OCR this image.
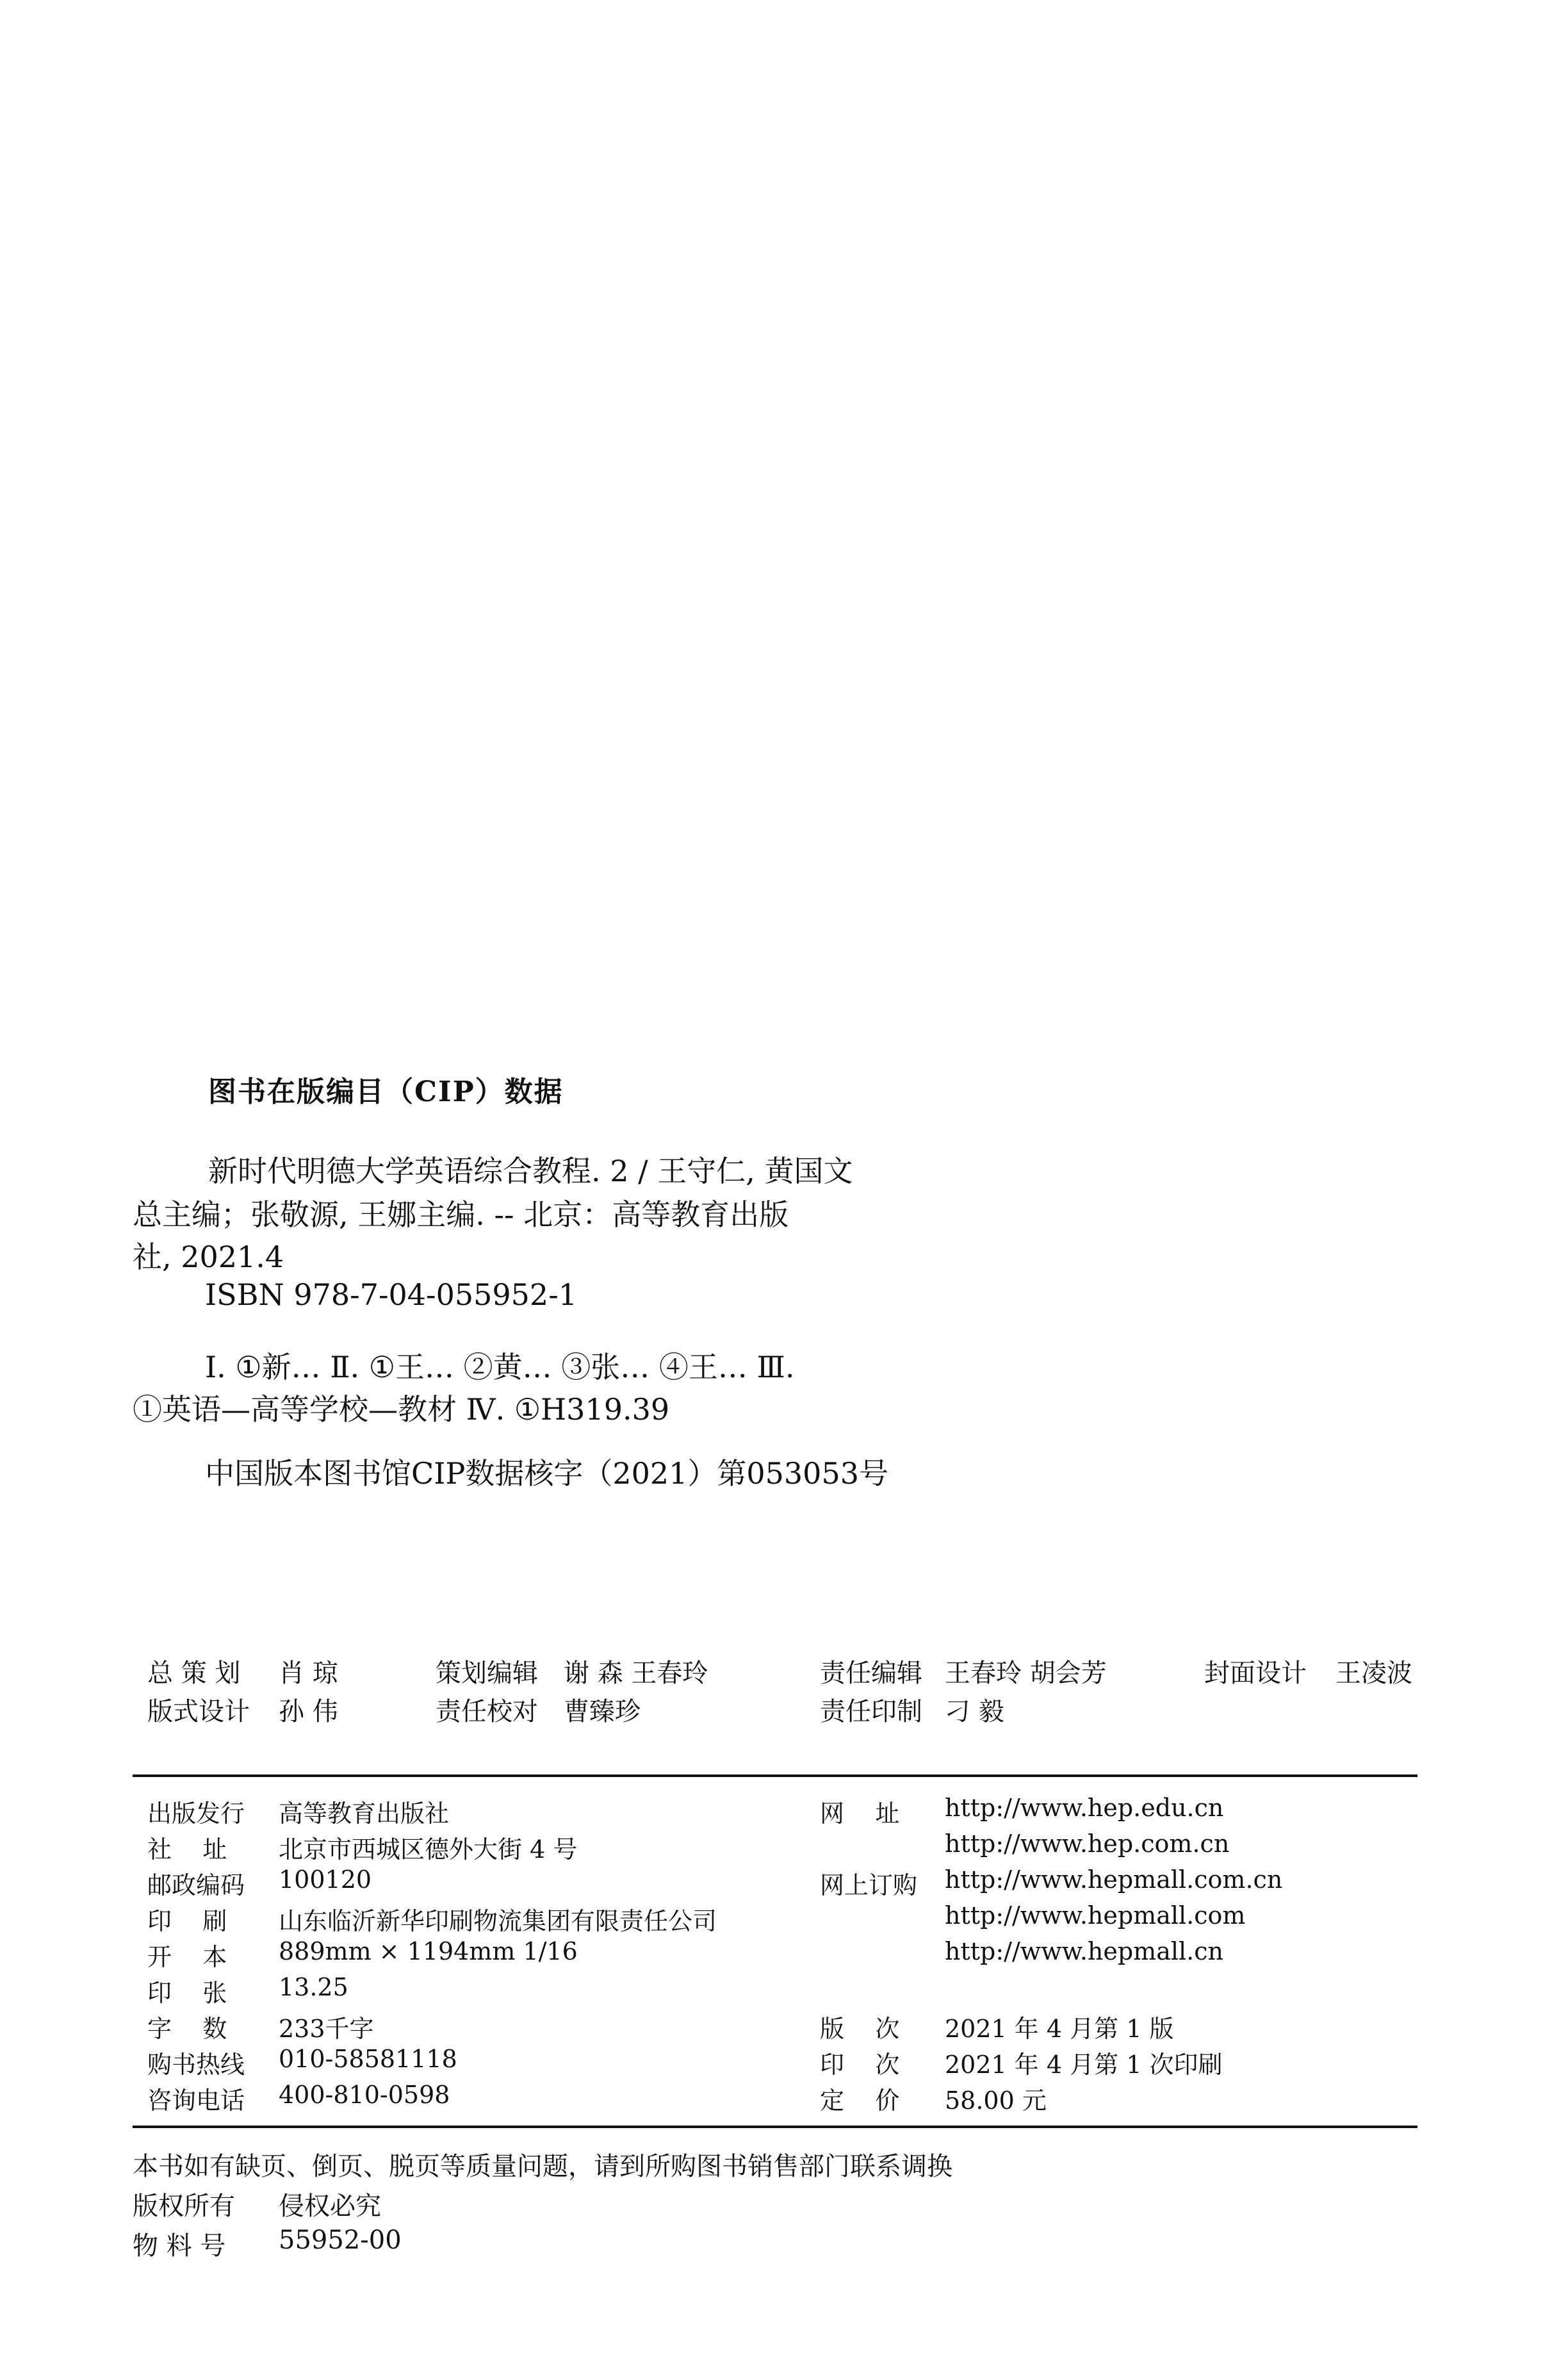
图书在版编目（CIP）数据
新时代明德大学英语综合教程. 2 / 王守仁, 黄国文
总主编；张敬源, 王娜主编. -- 北京：高等教育出版
社, 2021.4
ISBN 978-7-04-055952-1
Ⅰ. ①新… Ⅱ. ①王… ②黄… ③张… ④王… Ⅲ.
①英语—高等学校—教材 Ⅳ. ①H319.39
中国版本图书馆CIP数据核字（2021）第053053号
总 策 划 肖 琼	策划编辑 谢 森 王春玲	责任编辑 王春玲 胡会芳	封面设计 王凌波
版式设计 孙 伟	责任校对 曹臻珍	责任印制 刁 毅
出版发行 高等教育出版社
社    址 北京市西城区德外大街 4 号
邮政编码 100120
印    刷 山东临沂新华印刷物流集团有限责任公司
开    本 889mm × 1194mm 1/16
印    张 13.25
字    数 233千字
购书热线 010-58581118
咨询电话 400-810-0598
网    址 http://www.hep.edu.cn
http://www.hep.com.cn
网上订购 http://www.hepmall.com.cn
http://www.hepmall.com
http://www.hepmall.cn
版    次 2021 年 4 月第 1 版
印    次 2021 年 4 月第 1 次印刷
定    价 58.00 元
本书如有缺页、倒页、脱页等质量问题，请到所购图书销售部门联系调换
版权所有 侵权必究
物 料 号 55952-00
